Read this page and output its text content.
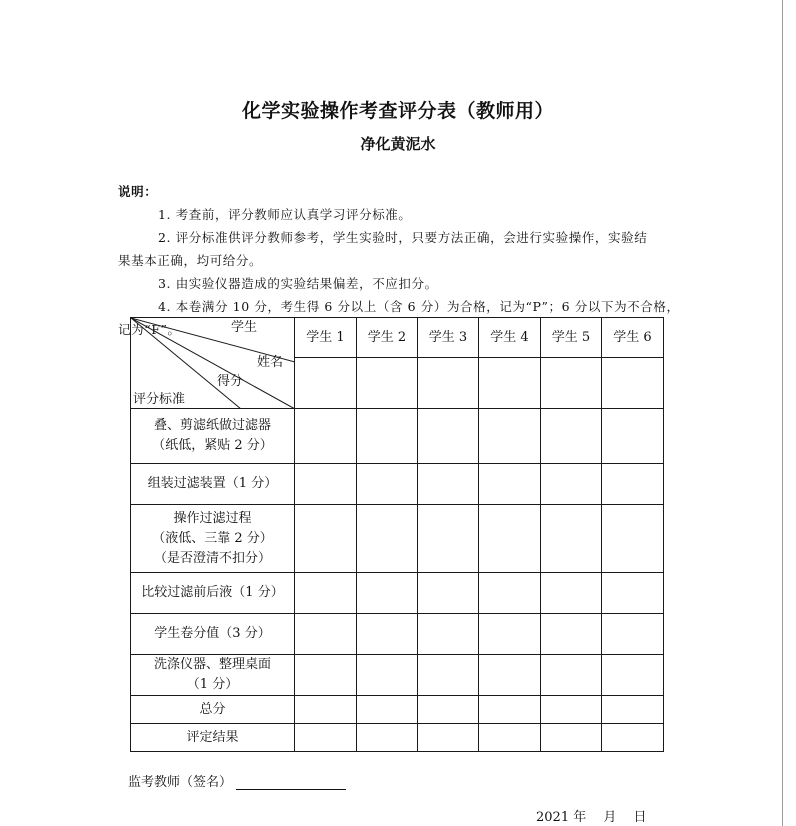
化学实验操作考查评分表（教师用）
净化黄泥水
说明：
1. 考查前，评分教师应认真学习评分标准。
2. 评分标准供评分教师参考，学生实验时，只要方法正确，会进行实验操作，实验结
果基本正确，均可给分。
3. 由实验仪器造成的实验结果偏差，不应扣分。
4. 本卷满分 10 分，考生得 6 分以上（含 6 分）为合格，记为“P”；6 分以下为不合格，
记为“F”。	学生
姓名
得分
评分标准	学生 1	学生 2	学生 3	学生 4	学生 5	学生 6

叠、剪滤纸做过滤器
（纸低，紧贴 2 分）						

组装过滤装置（1 分）						

操作过滤过程
（液低、三靠 2 分）
（是否澄清不扣分）						

比较过滤前后液（1 分）						

学生卷分值（3 分）						

洗涤仪器、整理桌面
（1 分）						

总分						

评定结果						

监考教师（签名）
2021 年　 月　 日
